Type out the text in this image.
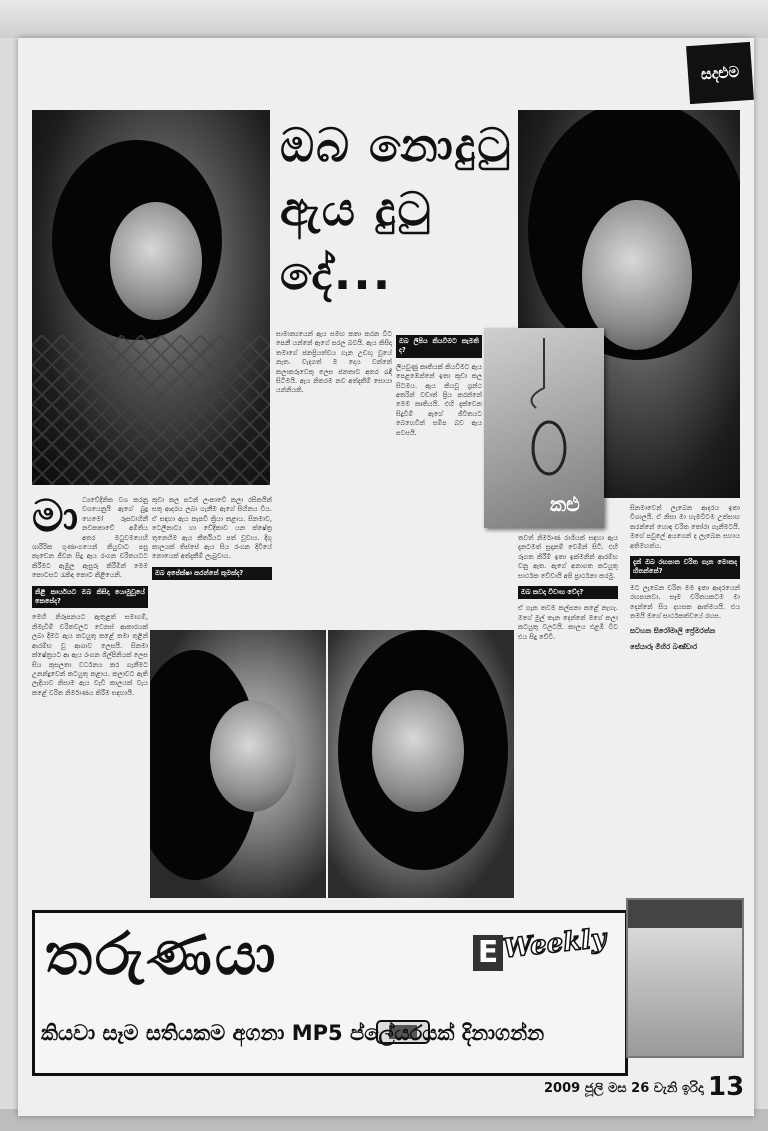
සදළුම
ඔබ නොදුටු
ඇය දුටු දේ...
කළු
මා ධ්‍යවේදිනික වශ කරනු වශයෙනුයි ඇගේ බුදු හෙමෝ රූපවාහිනී නවකතාවේ අමිතිය අතර මධුවමයෙහි ශාරීරික ගුණාංගයෙන් කියුවාට පසු කැඩෙන ජීවන සිදු ඇය රංගන චරිතයටට කිරීමට ඇඹුල ඇසුරු කිරීමින් මෙම කොටසට රැකිඳ කොට කිළියෙනි.
නිළි කාර්යයට ඔබ කිසිදා යොමුවූයේ කෙසේද?
මෙහි නිරූපනයට ඇතුළත් සමාගම්, නිමැවීම් චරිතවලට වෙනස් ආකාරයක් ලබා දීමට ඇය කටයුතු කළේ තමා තුළින් ආරම්භ වූ ආශාව ලෙසයි. සිනමා ක්ෂේත්‍රයට ආ ඇය රංගන ශිල්පිනියක් ලෙස සිය කුසලතා වර්ධනය කර ගැනීමට උනන්දුවෙන් කටයුතු කළාය. කලාවට ඇති ලැදියාව නිසාම ඇය වැඩි කාලයක් වැය කළේ චරිත නිර්මාණය කිරීම සඳහායි.
කුඩා කල පටන් ලංකාවේ කලා රසිකයින් සතු ආදරය ලබා ගැනීම ඇගේ සිහිනය විය. ඒ සඳහා ඇය කැපවී ක්‍රියා කළාය. සිනමාව, ටෙලිනාට්‍ය හා වේදිකාව යන ක්ෂේත්‍ර තුනෙහිම ඇය කීර්තියට පත් වූවාය. දිගු කාලයක් තිස්සේ ඇය සිය රංගන දිවියේ නොයෙක් අත්දැකීම් ලැබුවාය.
ඔබ අපේක්ෂා කරන්නේ කුමක්ද?
සාමාන්‍යයෙන් ඇය සමඟ කතා කරන විට පෙනී යන්නේ ඇගේ සරල බවයි. ඇය කිසිදා තමාගේ ජනප්‍රියත්වය ගැන උඩඟු වූයේ නැත. වැදගත් ම දෙය වන්නේ කලාකරුවෙකු ලෙස ජනතාව අතර රැඳී සිටීමයි. ඇය නිතරම නව අත්දැකීම් සොයා යන්නියකි.
ඔබ ලිපිය කියවීමට කැමති ද?
ලියවුණු කෘතියක් කියවීමට ඇය පෙළඹෙන්නේ ඉතා කුඩා කල සිටමය. ඇය කියවූ ග්‍රන්ථ අතරින් වඩාත් ප්‍රිය කරන්නේ මෙම කෘතියයි. එහි දැක්වෙන සිදුවීම් ඇගේ ජීවිතයට බෙහෙවින් සමීප බව ඇය පවසයි.
තවත් නිර්මාණ රාශියක් සඳහා ඇය දැනටමත් සූදානම් වෙමින් සිටී. එහි රූගත කිරීම් ඉතා ඉක්මනින් ආරම්භ වනු ඇත. ඇගේ අනාගත කටයුතු සාර්ථක වේවායි අපි ප්‍රාර්ථනා කරමු.
ඔබ කවදා විවාහ වේද?
ඒ ගැන තවම කල්පනා කළේ නැහැ. මගේ මුල් තැන දෙන්නේ මගේ කලා කටයුතු වලටයි. කාලය එළඹි විට එය සිදු වේවි.
සිනමාවෙන් ලැබෙන ආදරය ඉතා විශාලයි. ඒ නිසා මා හැමවිටම උත්සාහ කරන්නේ හොඳ චරිත තෝරා ගැනීමටයි. මගේ පවුලේ අයගෙන් ද ලැබෙන සහාය අතිමහත්ය.
දැන් ඔබ රඟපාන චරිත ගැන මොකද හිතන්නේ?
මට ලැබෙන චරිත මම ඉතා ආදරයෙන් රඟපානවා. සෑම චරිතයකටම මා දෙන්නේ සිය දහසක ආත්මයයි. එය තමයි මගේ සාර්ථකත්වයේ රහස.
සටහන සිරෝමාලි ප්‍රේමරත්න
සේයාරූ මිහිර බණ්ඩාර
තරුණයා	E Weekly
කියවා සෑම සතියකම අගනා MP5 ප්ලේයරයක් දිනාගන්න
2009 ජූලි මස 26 වැනි ඉරිදා 13
